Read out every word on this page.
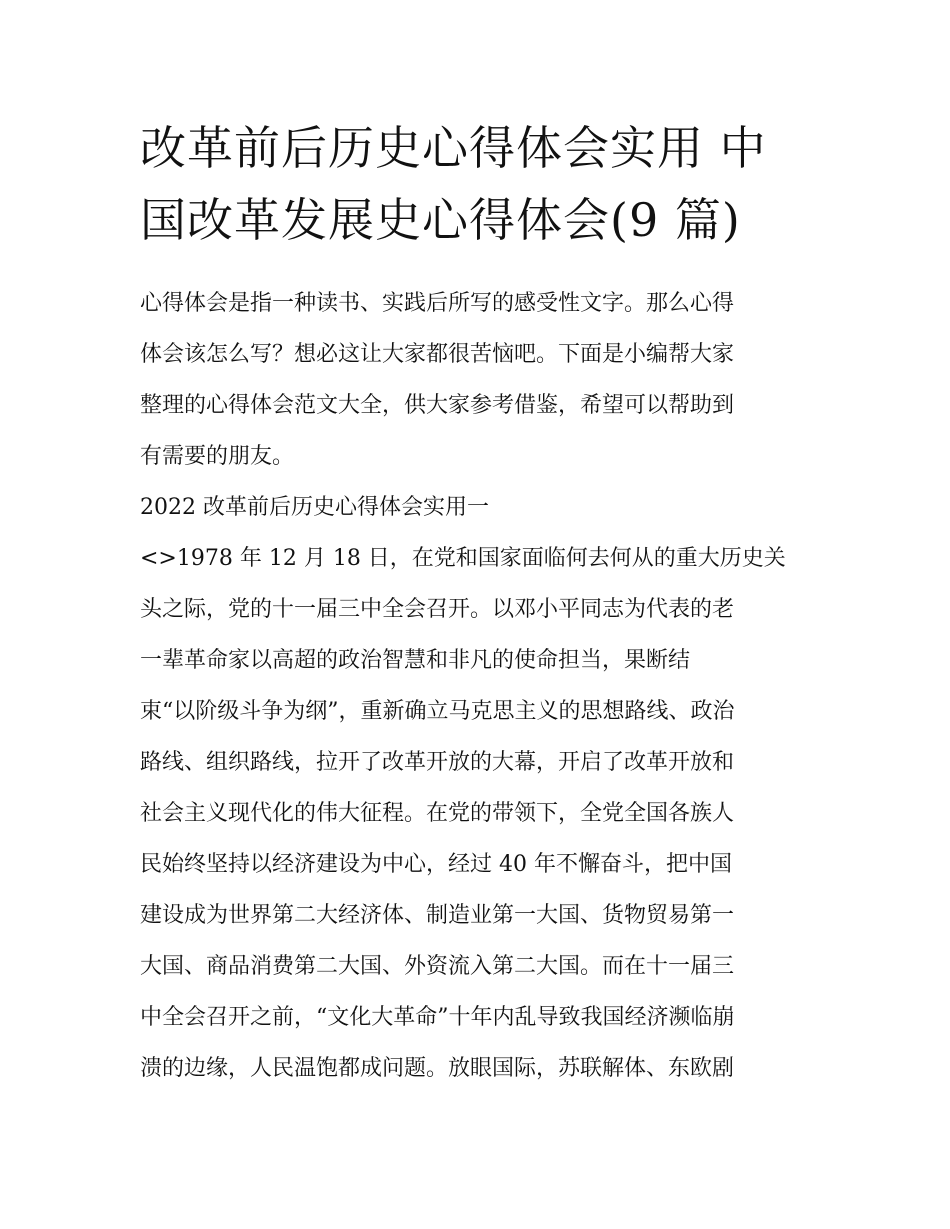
改革前后历史心得体会实用 中
国改革发展史心得体会(9 篇)
心得体会是指一种读书、实践后所写的感受性文字。那么心得
体会该怎么写？想必这让大家都很苦恼吧。下面是小编帮大家
整理的心得体会范文大全，供大家参考借鉴，希望可以帮助到
有需要的朋友。
2022 改革前后历史心得体会实用一
<>1978 年 12 月 18 日，在党和国家面临何去何从的重大历史关
头之际，党的十一届三中全会召开。以邓小平同志为代表的老
一辈革命家以高超的政治智慧和非凡的使命担当，果断结
束“以阶级斗争为纲”，重新确立马克思主义的思想路线、政治
路线、组织路线，拉开了改革开放的大幕，开启了改革开放和
社会主义现代化的伟大征程。在党的带领下，全党全国各族人
民始终坚持以经济建设为中心，经过 40 年不懈奋斗，把中国
建设成为世界第二大经济体、制造业第一大国、货物贸易第一
大国、商品消费第二大国、外资流入第二大国。而在十一届三
中全会召开之前，“文化大革命”十年内乱导致我国经济濒临崩
溃的边缘，人民温饱都成问题。放眼国际，苏联解体、东欧剧
